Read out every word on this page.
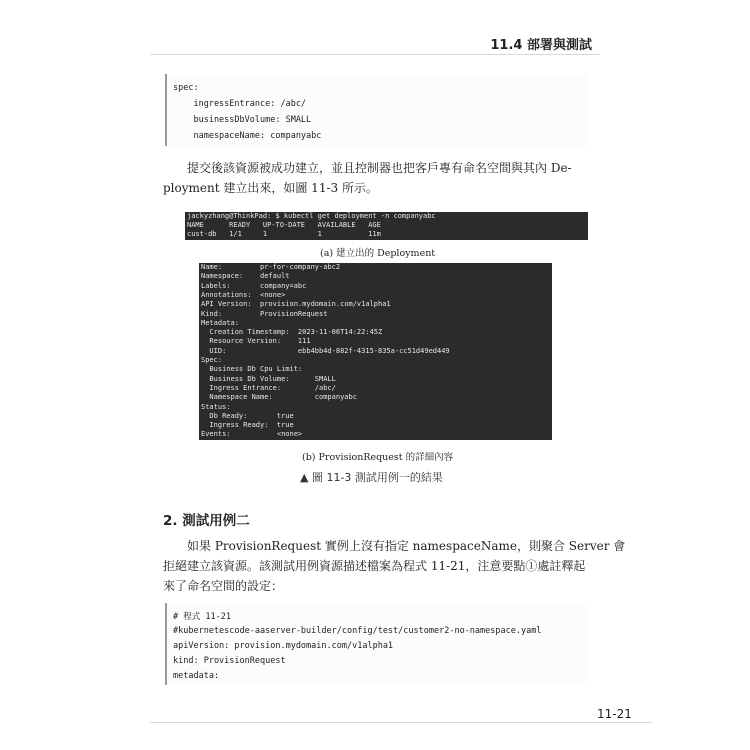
11.4 部署與測試
spec:
ingressEntrance: /abc/
businessDbVolume: SMALL
namespaceName: companyabc
提交後該資源被成功建立，並且控制器也把客戶專有命名空間與其內 De-
ployment 建立出來，如圖 11-3 所示。
jackyzhang@ThinkPad: $ kubectl get deployment -n companyabc
NAME      READY   UP-TO-DATE   AVAILABLE   AGE
cust-db   1/1     1            1           11m
(a) 建立出的 Deployment
Name:         pr-for-company-abc2
Namespace:    default
Labels:       company=abc
Annotations:  <none>
API Version:  provision.mydomain.com/v1alpha1
Kind:         ProvisionRequest
Metadata:
Creation Timestamp:  2023-11-06T14:22:45Z
Resource Version:    111
UID:                 ebb4bb4d-882f-4315-835a-cc51d49ed449
Spec:
Business Db Cpu Limit:
Business Db Volume:      SMALL
Ingress Entrance:        /abc/
Namespace Name:          companyabc
Status:
Db Ready:       true
Ingress Ready:  true
Events:           <none>
(b) ProvisionRequest 的詳細內容
▲ 圖 11-3 測試用例一的結果
2. 測試用例二
　　如果 ProvisionRequest 實例上沒有指定 namespaceName，則聚合 Server 會
拒絕建立該資源。該測試用例資源描述檔案為程式 11-21，注意要點①處註釋起
來了命名空間的設定：
# 程式 11-21
#kubernetescode-aaserver-builder/config/test/customer2-no-namespace.yaml
apiVersion: provision.mydomain.com/v1alpha1
kind: ProvisionRequest
metadata:
11-21
